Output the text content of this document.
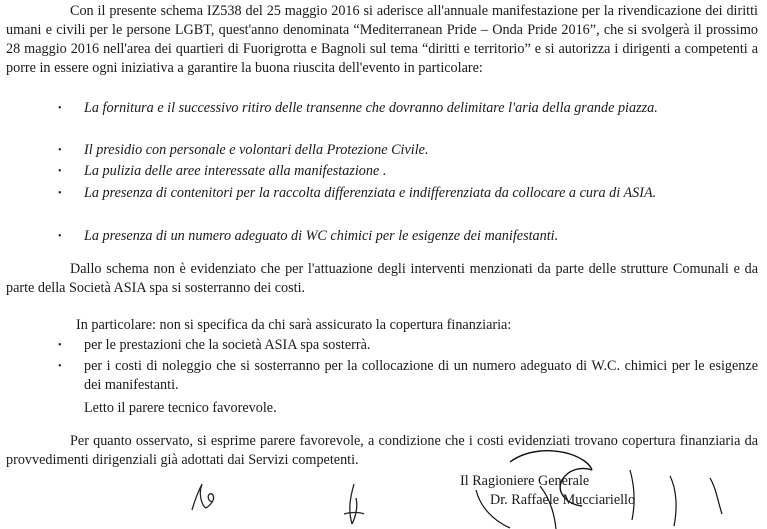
Con il presente schema IZ538 del 25 maggio 2016 si aderisce all'annuale manifestazione per la rivendicazione dei diritti umani e civili per le persone LGBT, quest'anno denominata “Mediterranean Pride – Onda Pride 2016”, che si svolgerà il prossimo 28 maggio 2016 nell'area dei quartieri di Fuorigrotta e Bagnoli sul tema “diritti e territorio” e si autorizza i dirigenti a competenti a porre in essere ogni iniziativa a garantire la buona riuscita dell'evento in particolare:

• La fornitura e il successivo ritiro delle transenne che dovranno delimitare l'aria della grande piazza.
• Il presidio con personale e volontari della Protezione Civile.
• La pulizia delle aree interessate alla manifestazione .
• La presenza di contenitori per la raccolta differenziata e indifferenziata da collocare a cura di ASIA.
• La presenza di un numero adeguato di WC chimici per le esigenze dei manifestanti.

Dallo schema non è evidenziato che per l'attuazione degli interventi menzionati da parte delle strutture Comunali e da parte della Società ASIA spa si sosterranno dei costi.

In particolare: non si specifica da chi sarà assicurato la copertura finanziaria:
• per le prestazioni che la società ASIA spa sosterrà.
• per i costi di noleggio che si sosterranno per la collocazione di un numero adeguato di W.C. chimici per le esigenze dei manifestanti.
Letto il parere tecnico favorevole.

Per quanto osservato, si esprime parere favorevole, a condizione che i costi evidenziati trovano copertura finanziaria da provvedimenti dirigenziali già adottati dai Servizi competenti.

Il Ragioniere Generale
Dr. Raffaele Mucciariello
